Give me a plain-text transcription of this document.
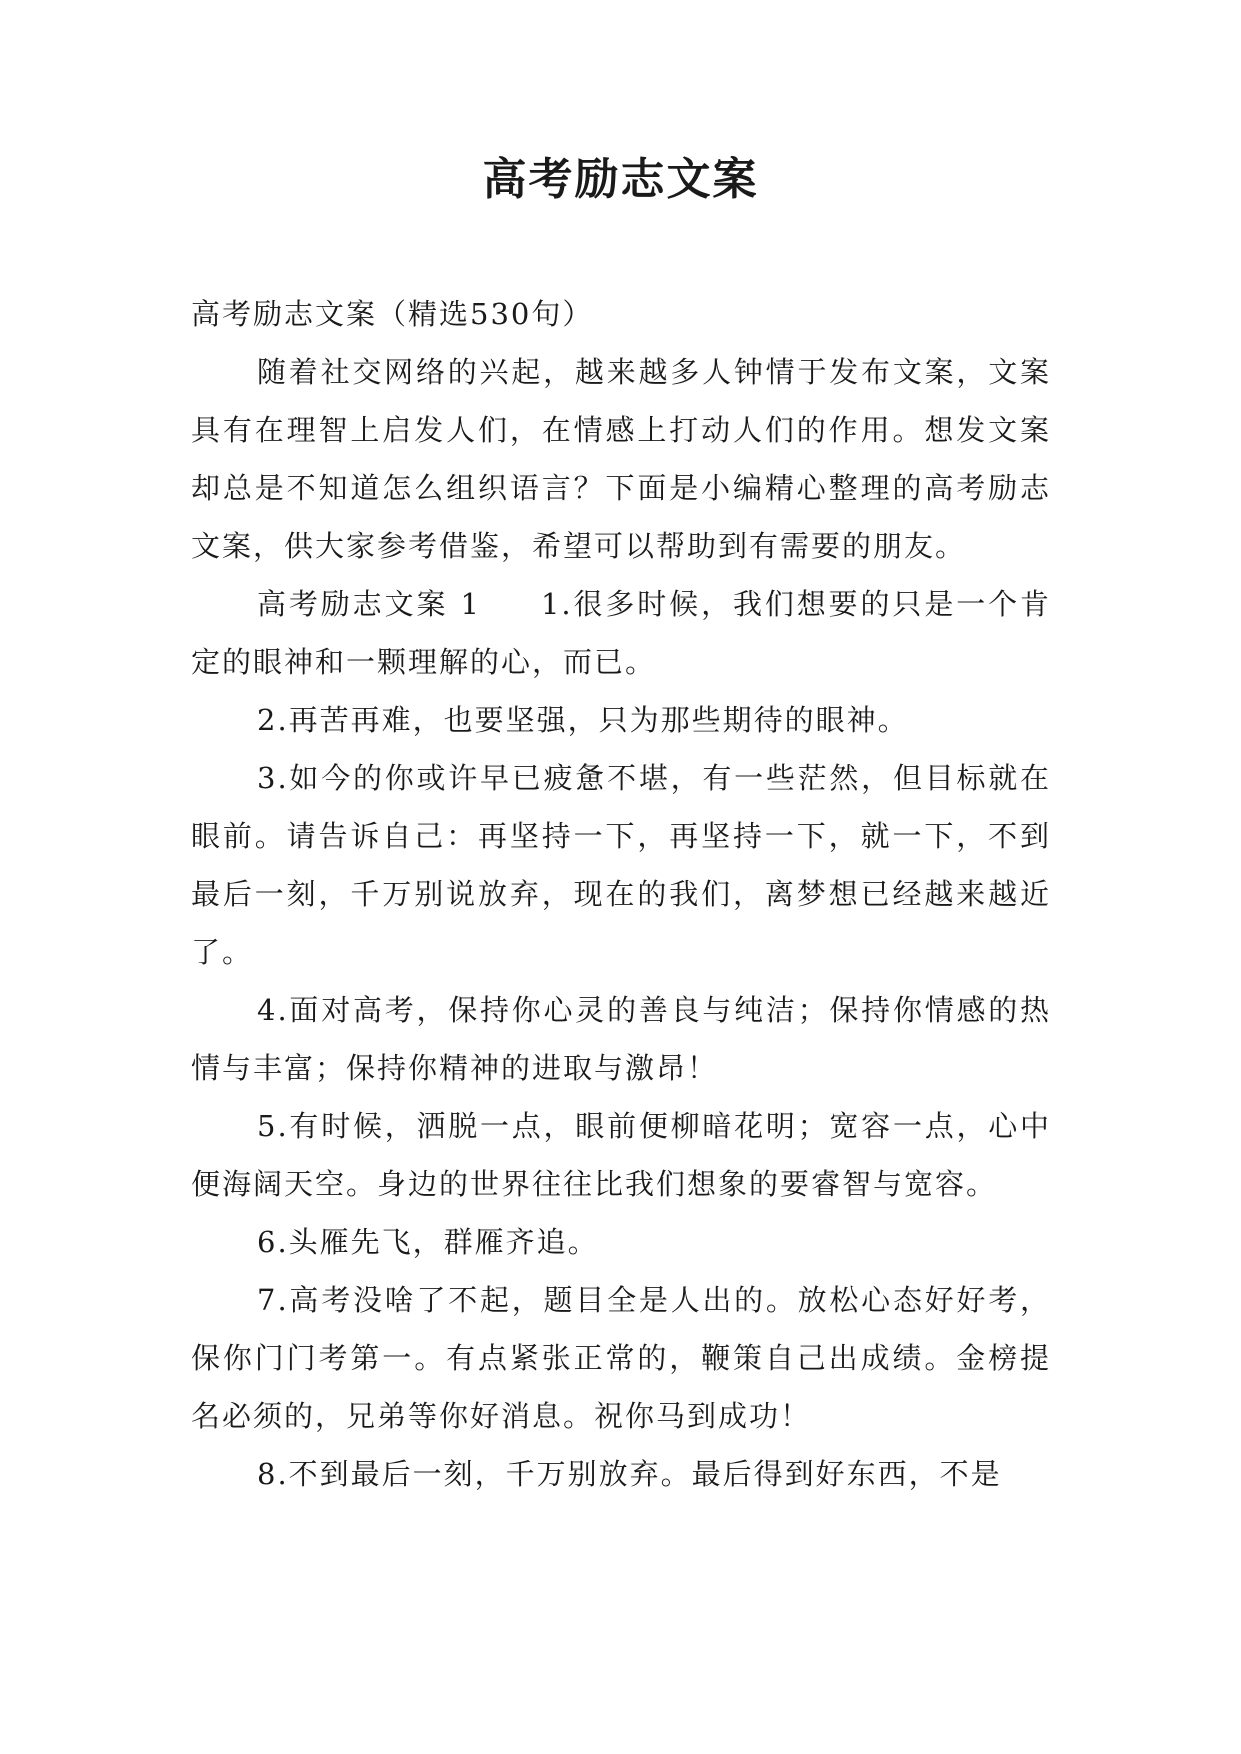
高考励志文案

高考励志文案（精选530句）

随着社交网络的兴起，越来越多人钟情于发布文案，文案具有在理智上启发人们，在情感上打动人们的作用。想发文案却总是不知道怎么组织语言？下面是小编精心整理的高考励志文案，供大家参考借鉴，希望可以帮助到有需要的朋友。

高考励志文案 1 1.很多时候，我们想要的只是一个肯定的眼神和一颗理解的心，而已。

2.再苦再难，也要坚强，只为那些期待的眼神。

3.如今的你或许早已疲惫不堪，有一些茫然，但目标就在眼前。请告诉自己：再坚持一下，再坚持一下，就一下，不到最后一刻，千万别说放弃，现在的我们，离梦想已经越来越近了。

4.面对高考，保持你心灵的善良与纯洁；保持你情感的热情与丰富；保持你精神的进取与激昂！

5.有时候，洒脱一点，眼前便柳暗花明；宽容一点，心中便海阔天空。身边的世界往往比我们想象的要睿智与宽容。

6.头雁先飞，群雁齐追。

7.高考没啥了不起，题目全是人出的。放松心态好好考，保你门门考第一。有点紧张正常的，鞭策自己出成绩。金榜提名必须的，兄弟等你好消息。祝你马到成功！

8.不到最后一刻，千万别放弃。最后得到好东西，不是
